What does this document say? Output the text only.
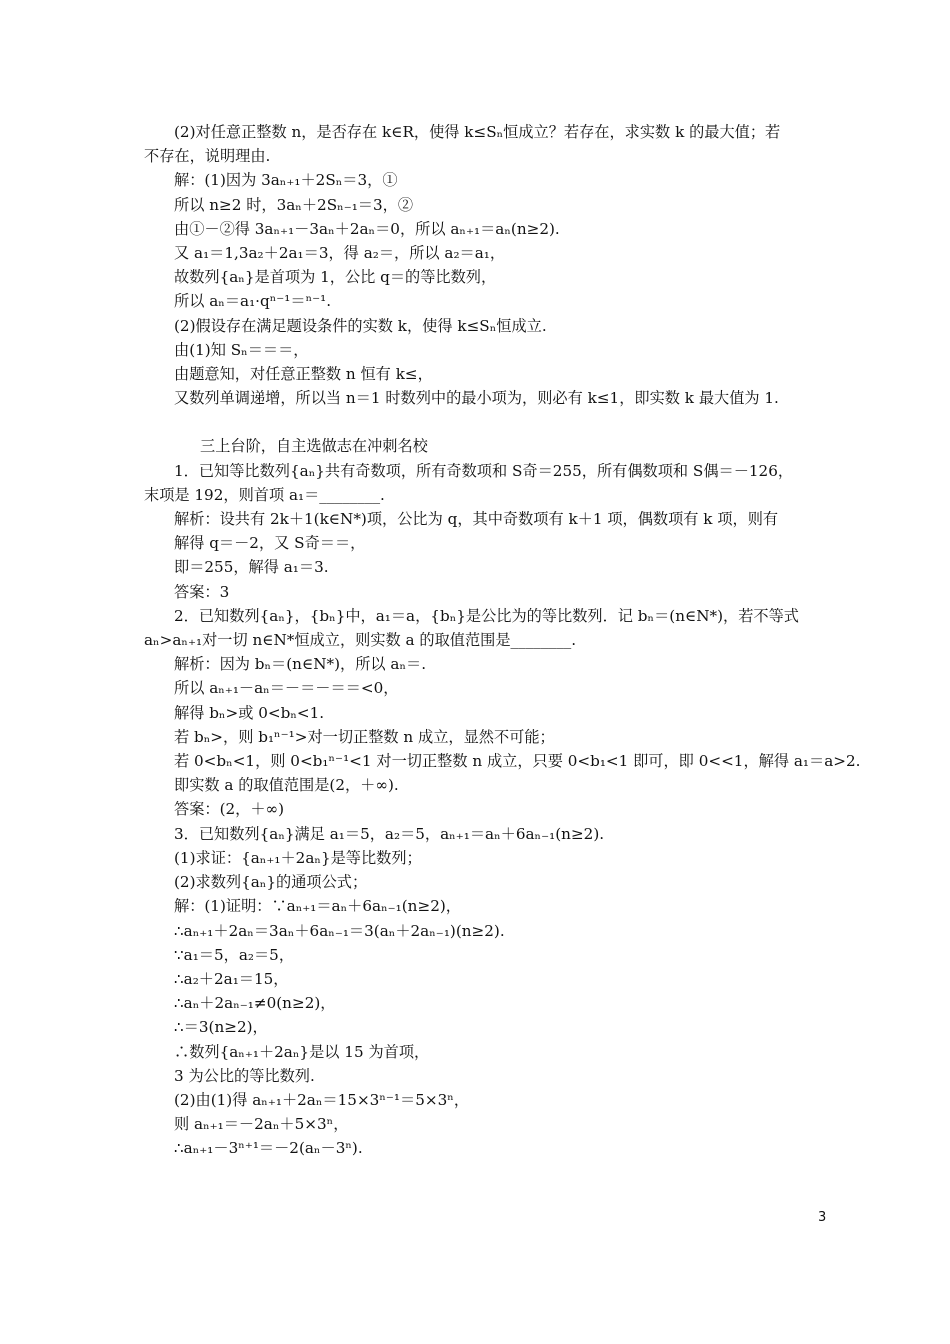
(2)对任意正整数 n，是否存在 k∈R，使得 k≤Sₙ恒成立？若存在，求实数 k 的最大值；若

不存在，说明理由.

解：(1)因为 3aₙ₊₁＋2Sₙ＝3，①

所以 n≥2 时，3aₙ＋2Sₙ₋₁＝3，②

由①－②得 3aₙ₊₁－3aₙ＋2aₙ＝0，所以 aₙ₊₁＝aₙ(n≥2).

又 a₁＝1,3a₂＋2a₁＝3，得 a₂＝，所以 a₂＝a₁，

故数列{aₙ}是首项为 1，公比 q＝的等比数列，

所以 aₙ＝a₁·qⁿ⁻¹＝ⁿ⁻¹.

(2)假设存在满足题设条件的实数 k，使得 k≤Sₙ恒成立.

由(1)知 Sₙ＝＝＝，

由题意知，对任意正整数 n 恒有 k≤，

又数列单调递增，所以当 n＝1 时数列中的最小项为，则必有 k≤1，即实数 k 最大值为 1.

三上台阶，自主选做志在冲刺名校

1．已知等比数列{aₙ}共有奇数项，所有奇数项和 S奇＝255，所有偶数项和 S偶＝－126，

末项是 192，则首项 a₁＝________.

解析：设共有 2k＋1(k∈N*)项，公比为 q，其中奇数项有 k＋1 项，偶数项有 k 项，则有

解得 q＝－2，又 S奇＝＝，

即＝255，解得 a₁＝3.

答案：3

2．已知数列{aₙ}，{bₙ}中，a₁＝a，{bₙ}是公比为的等比数列．记 bₙ＝(n∈N*)，若不等式

aₙ>aₙ₊₁对一切 n∈N*恒成立，则实数 a 的取值范围是________.

解析：因为 bₙ＝(n∈N*)，所以 aₙ＝.

所以 aₙ₊₁－aₙ＝－＝－＝＝<0，

解得 bₙ>或 0<bₙ<1.

若 bₙ>，则 b₁ⁿ⁻¹>对一切正整数 n 成立，显然不可能；

若 0<bₙ<1，则 0<b₁ⁿ⁻¹<1 对一切正整数 n 成立，只要 0<b₁<1 即可，即 0<<1，解得 a₁＝a>2.

即实数 a 的取值范围是(2，＋∞).

答案：(2，＋∞)

3．已知数列{aₙ}满足 a₁＝5，a₂＝5，aₙ₊₁＝aₙ＋6aₙ₋₁(n≥2).

(1)求证：{aₙ₊₁＋2aₙ}是等比数列；

(2)求数列{aₙ}的通项公式；

解：(1)证明：∵aₙ₊₁＝aₙ＋6aₙ₋₁(n≥2)，

∴aₙ₊₁＋2aₙ＝3aₙ＋6aₙ₋₁＝3(aₙ＋2aₙ₋₁)(n≥2).

∵a₁＝5，a₂＝5，

∴a₂＋2a₁＝15，

∴aₙ＋2aₙ₋₁≠0(n≥2)，

∴＝3(n≥2)，

∴数列{aₙ₊₁＋2aₙ}是以 15 为首项，

3 为公比的等比数列.

(2)由(1)得 aₙ₊₁＋2aₙ＝15×3ⁿ⁻¹＝5×3ⁿ，

则 aₙ₊₁＝－2aₙ＋5×3ⁿ，

∴aₙ₊₁－3ⁿ⁺¹＝－2(aₙ－3ⁿ).

3
